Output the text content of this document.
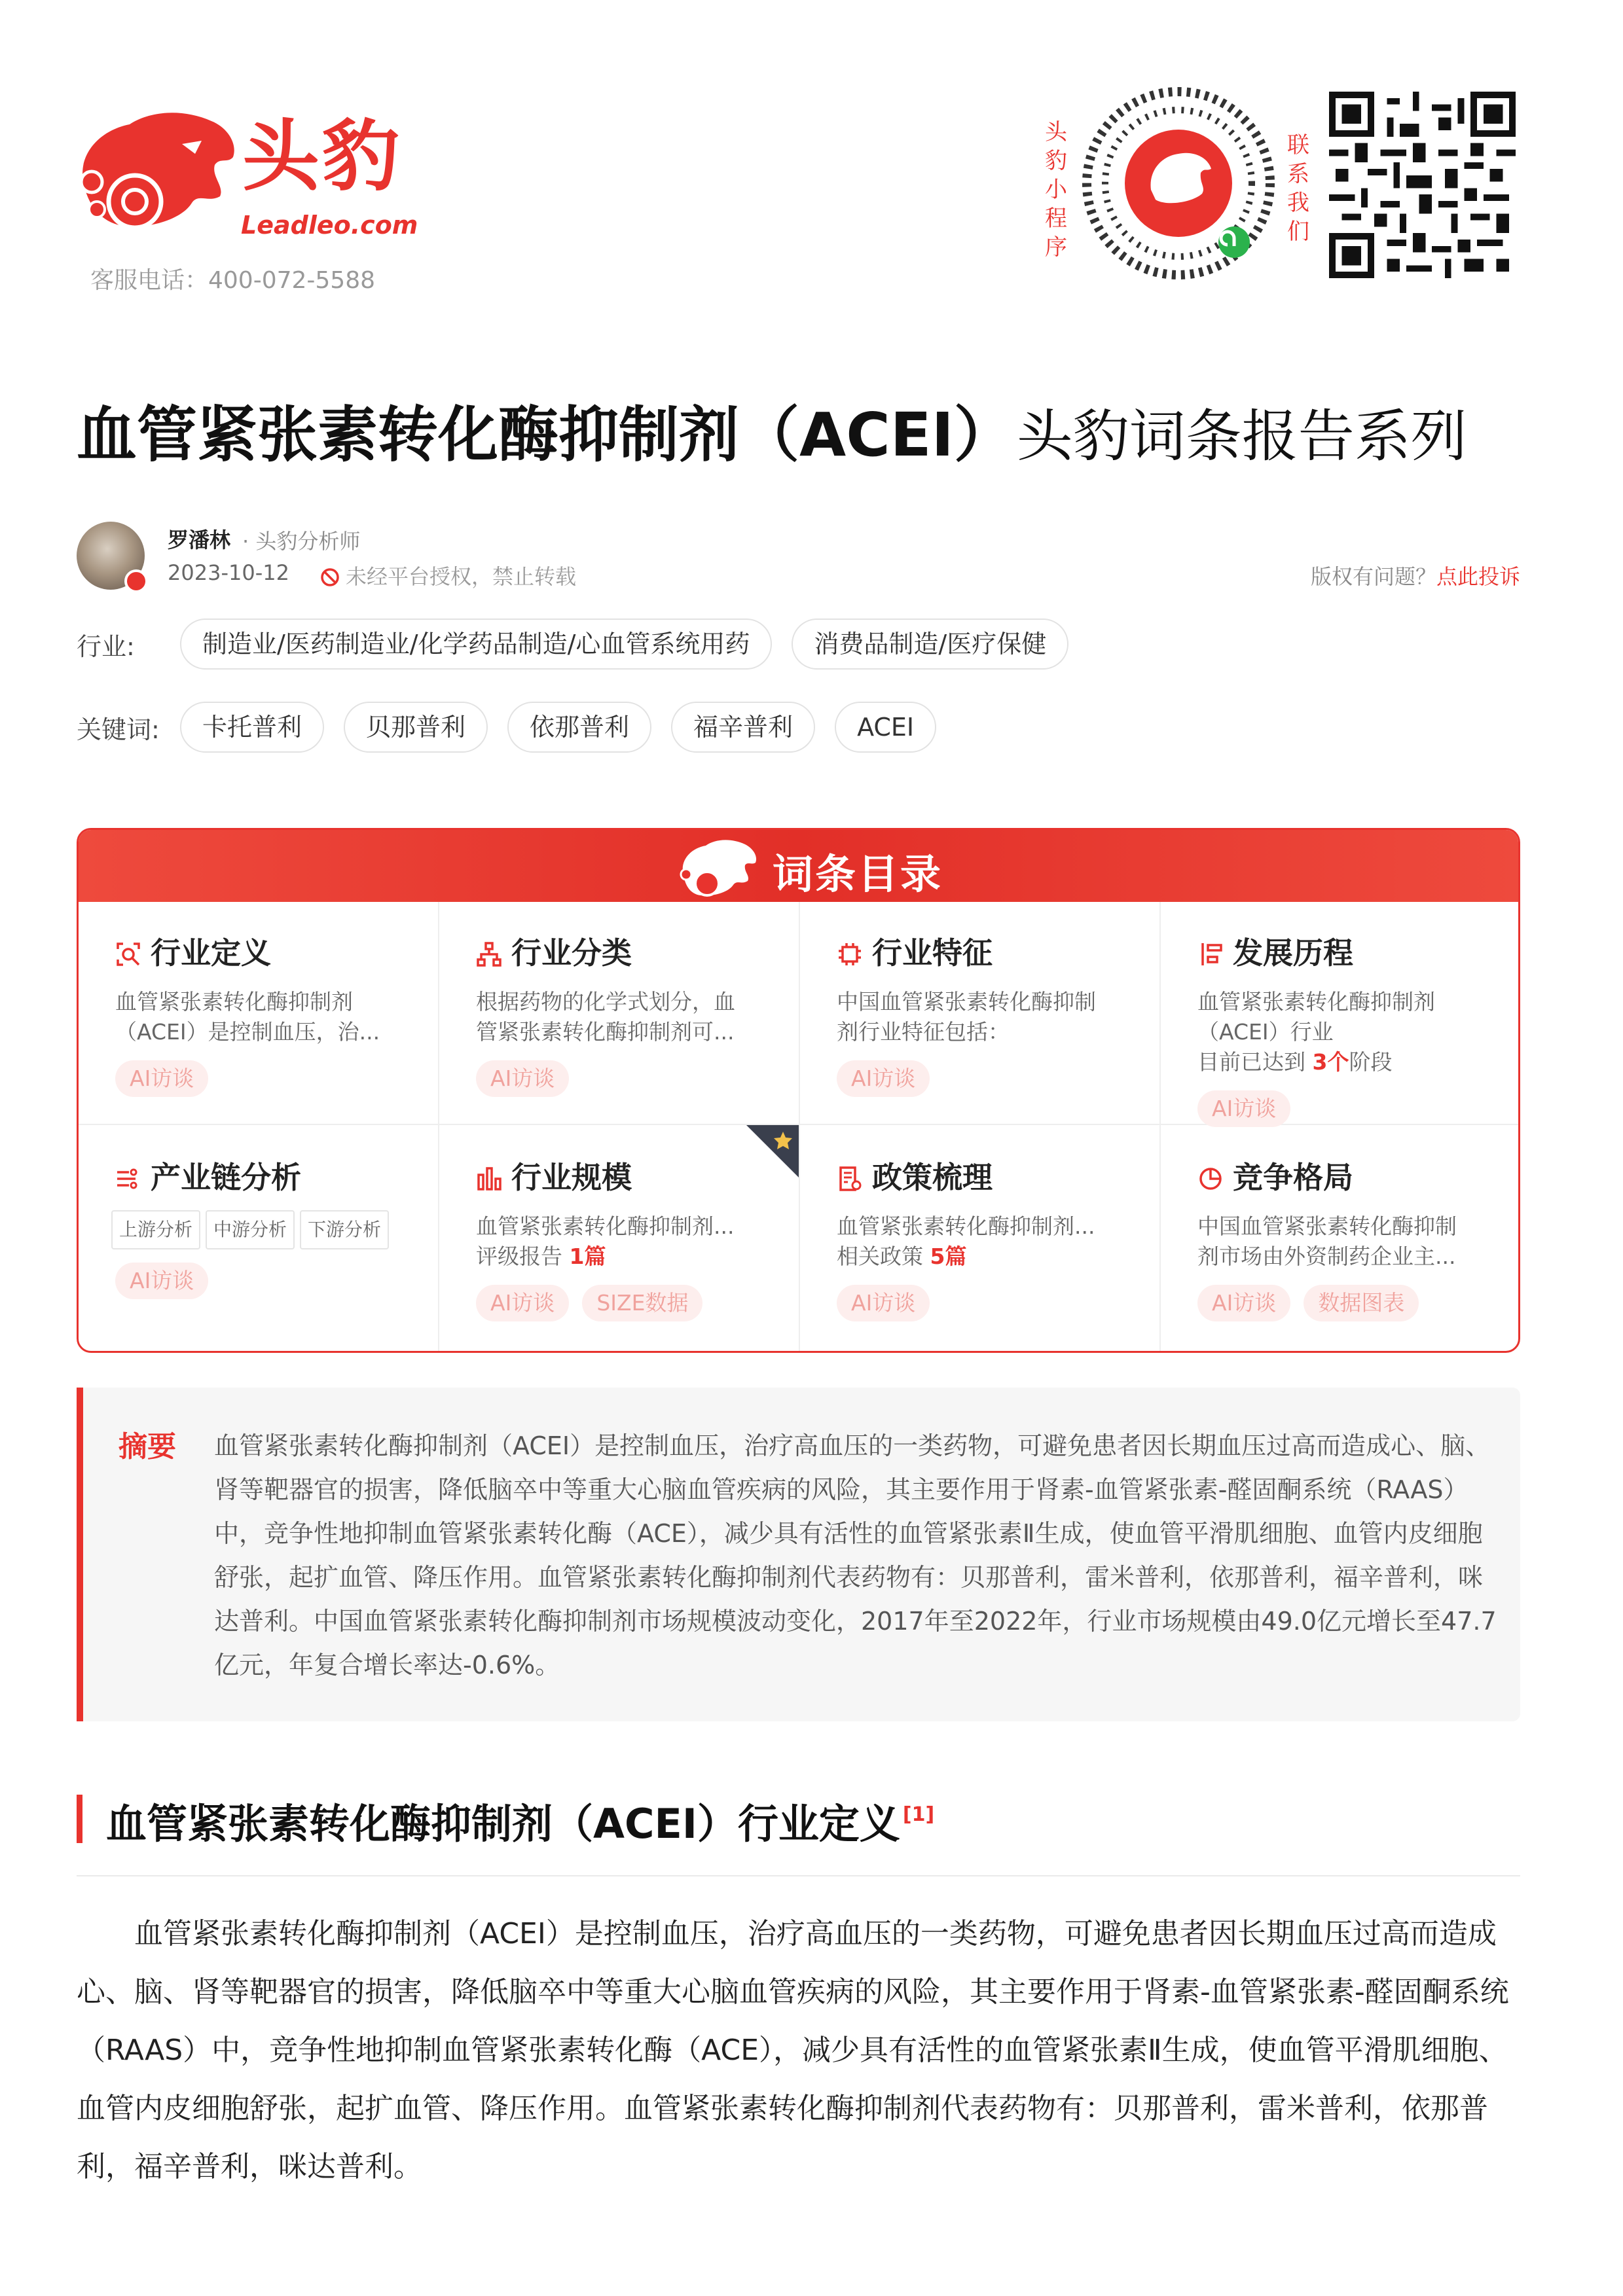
头豹
Leadleo.com
客服电话：400-072-5588
头豹小程序
联系我们
血管紧张素转化酶抑制剂（ACEI）头豹词条报告系列
罗潘林 · 头豹分析师
2023-10-12	未经平台授权，禁止转载	版权有问题？点此投诉
行业:	制造业/医药制造业/化学药品制造/心血管系统用药	消费品制造/医疗保健
关键词:	卡托普利	贝那普利	依那普利	福辛普利	ACEI
词条目录
行业定义
血管紧张素转化酶抑制剂
（ACEI）是控制血压，治...
AI访谈
行业分类
根据药物的化学式划分，血
管紧张素转化酶抑制剂可...
AI访谈
行业特征
中国血管紧张素转化酶抑制
剂行业特征包括：
AI访谈
发展历程
血管紧张素转化酶抑制剂
（ACEI）行业
目前已达到 3个阶段
AI访谈
产业链分析
上游分析	中游分析	下游分析
AI访谈
行业规模
血管紧张素转化酶抑制剂...
评级报告 1篇
AI访谈	SIZE数据
政策梳理
血管紧张素转化酶抑制剂...
相关政策 5篇
AI访谈
竞争格局
中国血管紧张素转化酶抑制
剂市场由外资制药企业主...
AI访谈	数据图表
摘要 血管紧张素转化酶抑制剂（ACEI）是控制血压，治疗高血压的一类药物，可避免患者因长期血压过高而造成心、脑、肾等靶器官的损害，降低脑卒中等重大心脑血管疾病的风险，其主要作用于肾素-血管紧张素-醛固酮系统（RAAS）中，竞争性地抑制血管紧张素转化酶（ACE），减少具有活性的血管紧张素Ⅱ生成，使血管平滑肌细胞、血管内皮细胞舒张，起扩血管、降压作用。血管紧张素转化酶抑制剂代表药物有：贝那普利，雷米普利，依那普利，福辛普利，咪达普利。中国血管紧张素转化酶抑制剂市场规模波动变化，2017年至2022年，行业市场规模由49.0亿元增长至47.7亿元，年复合增长率达-0.6%。
血管紧张素转化酶抑制剂（ACEI）行业定义 [1]
血管紧张素转化酶抑制剂（ACEI）是控制血压，治疗高血压的一类药物，可避免患者因长期血压过高而造成心、脑、肾等靶器官的损害，降低脑卒中等重大心脑血管疾病的风险，其主要作用于肾素-血管紧张素-醛固酮系统（RAAS）中，竞争性地抑制血管紧张素转化酶（ACE），减少具有活性的血管紧张素Ⅱ生成，使血管平滑肌细胞、血管内皮细胞舒张，起扩血管、降压作用。血管紧张素转化酶抑制剂代表药物有：贝那普利，雷米普利，依那普利，福辛普利，咪达普利。
